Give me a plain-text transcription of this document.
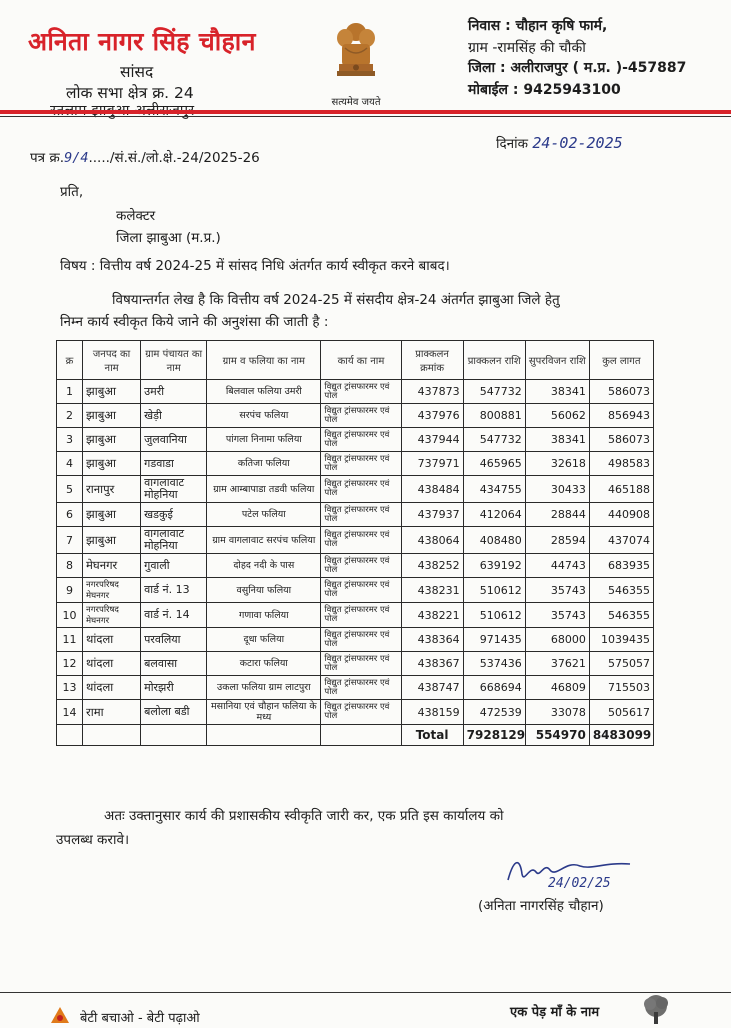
अनिता नागर सिंह चौहान
सांसद
लोक सभा क्षेत्र क्र. 24
सत्यमेव जयते
निवास : चौहान कृषि फार्म,
ग्राम -रामसिंह की चौकी
जिला : अलीराजपुर ( म.प्र. )-457887
मोबाईल : 9425943100
पत्र क्र.9/4...../सं.सं./लो.क्षे.-24/2025-26
दिनांक 24-02-2025
प्रति,
कलेक्टर
जिला झाबुआ (म.प्र.)
विषय : वित्तीय वर्ष 2024-25 में सांसद निधि अंतर्गत कार्य स्वीकृत करने बाबद।
विषयान्तर्गत लेख है कि वित्तीय वर्ष 2024-25 में संसदीय क्षेत्र-24 अंतर्गत झाबुआ जिले हेतु
निम्न कार्य स्वीकृत किये जाने की अनुशंसा की जाती है :
क्र	जनपद का नाम	ग्राम पंचायत का नाम	ग्राम व फलिया का नाम	कार्य का नाम	प्राक्कलन क्रमांक	प्राक्कलन राशि	सुपरविजन राशि	कुल लागत
1	झाबुआ	उमरी	बिलवाल फलिया उमरी	विद्युत ट्रांसफारमर एवं पोल	437873	547732	38341	586073
2	झाबुआ	खेड़ी	सरपंच फलिया	विद्युत ट्रांसफारमर एवं पोल	437976	800881	56062	856943
3	झाबुआ	जुलवानिया	पांगला निनामा फलिया	विद्युत ट्रांसफारमर एवं पोल	437944	547732	38341	586073
4	झाबुआ	गडवाडा	कतिजा फलिया	विद्युत ट्रांसफारमर एवं पोल	737971	465965	32618	498583
5	रानापुर	वागलावाट मोहनिया	ग्राम आम्बापाडा तडवी फलिया	विद्युत ट्रांसफारमर एवं पोल	438484	434755	30433	465188
6	झाबुआ	खडकुई	पटेल फलिया	विद्युत ट्रांसफारमर एवं पोल	437937	412064	28844	440908
7	झाबुआ	वागलावाट मोहनिया	ग्राम वागलावाट सरपंच फलिया	विद्युत ट्रांसफारमर एवं पोल	438064	408480	28594	437074
8	मेघनगर	गुवाली	दोहद नदी के पास	विद्युत ट्रांसफारमर एवं पोल	438252	639192	44743	683935
9	नगरपरिषद मेघनगर	वार्ड नं. 13	वसुनिया फलिया	विद्युत ट्रांसफारमर एवं पोल	438231	510612	35743	546355
10	नगरपरिषद मेघनगर	वार्ड नं. 14	गणावा फलिया	विद्युत ट्रांसफारमर एवं पोल	438221	510612	35743	546355
11	थांदला	परवलिया	दूधा फलिया	विद्युत ट्रांसफारमर एवं पोल	438364	971435	68000	1039435
12	थांदला	बलवासा	कटारा फलिया	विद्युत ट्रांसफारमर एवं पोल	438367	537436	37621	575057
13	थांदला	मोरझरी	उकला फलिया ग्राम लाटपुरा	विद्युत ट्रांसफारमर एवं पोल	438747	668694	46809	715503
14	रामा	बलोला बडी	मसानिया एवं चौहान फलिया के मध्य	विद्युत ट्रांसफारमर एवं पोल	438159	472539	33078	505617
					Total	7928129	554970	8483099
अतः उक्तानुसार कार्य की प्रशासकीय स्वीकृति जारी कर, एक प्रति इस कार्यालय को
उपलब्ध करावे।
24/02/25
(अनिता नागरसिंह चौहान)
बेटी बचाओ - बेटी पढ़ाओ	एक पेड़ माँ के नाम
